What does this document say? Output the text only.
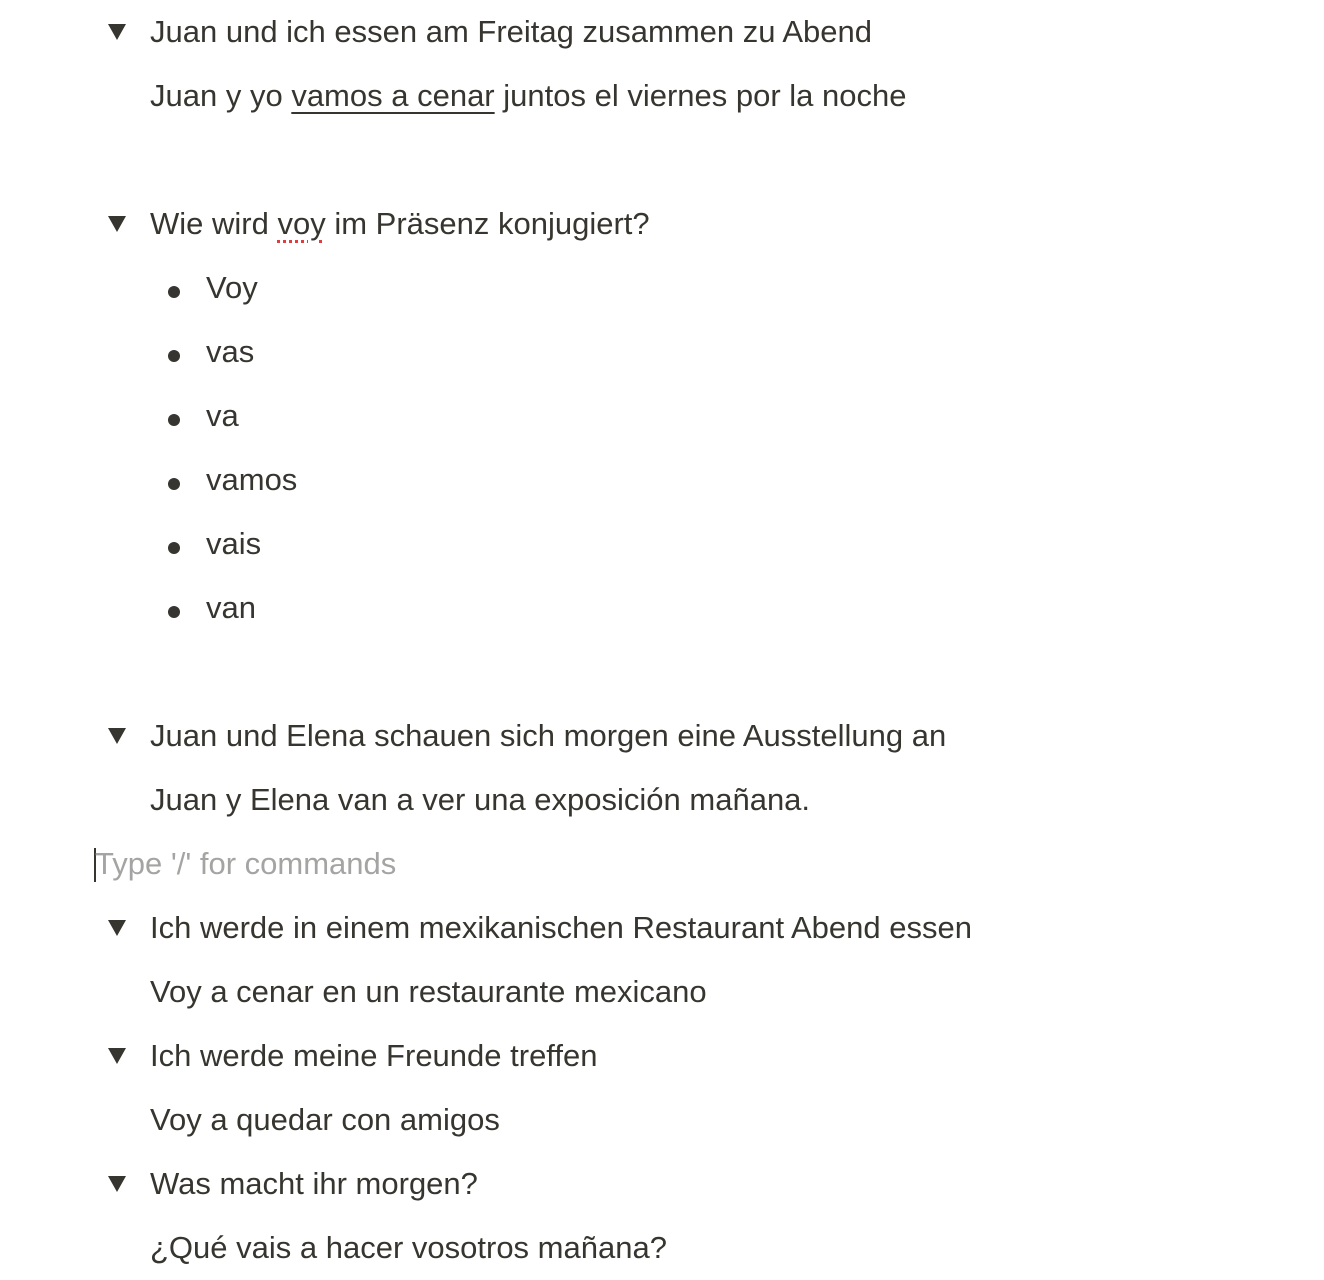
Juan und ich essen am Freitag zusammen zu Abend
Juan y yo vamos a cenar juntos el viernes por la noche
Wie wird voy im Präsenz konjugiert?
Voy
vas
va
vamos
vais
van
Juan und Elena schauen sich morgen eine Ausstellung an
Juan y Elena van a ver una exposición mañana.
Type '/' for commands
Ich werde in einem mexikanischen Restaurant Abend essen
Voy a cenar en un restaurante mexicano
Ich werde meine Freunde treffen
Voy a quedar con amigos
Was macht ihr morgen?
¿Qué vais a hacer vosotros mañana?
